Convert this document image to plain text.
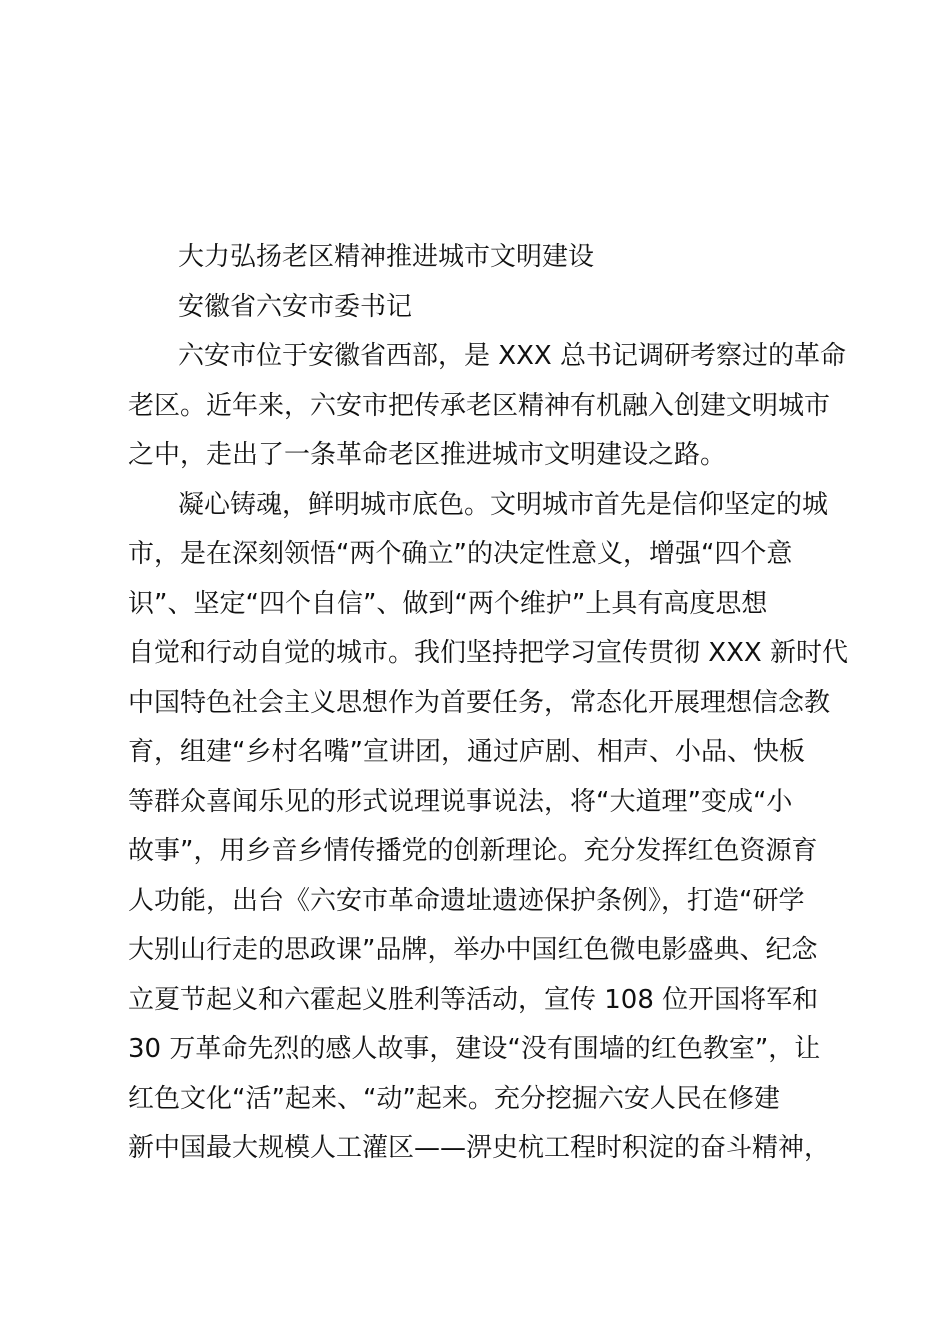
大力弘扬老区精神推进城市文明建设
安徽省六安市委书记
六安市位于安徽省西部，是 XXX 总书记调研考察过的革命
老区。近年来，六安市把传承老区精神有机融入创建文明城市
之中，走出了一条革命老区推进城市文明建设之路。
凝心铸魂，鲜明城市底色。文明城市首先是信仰坚定的城
市，是在深刻领悟“两个确立”的决定性意义，增强“四个意
识”、坚定“四个自信”、做到“两个维护”上具有高度思想
自觉和行动自觉的城市。我们坚持把学习宣传贯彻 XXX 新时代
中国特色社会主义思想作为首要任务，常态化开展理想信念教
育，组建“乡村名嘴”宣讲团，通过庐剧、相声、小品、快板
等群众喜闻乐见的形式说理说事说法，将“大道理”变成“小
故事”，用乡音乡情传播党的创新理论。充分发挥红色资源育
人功能，出台《六安市革命遗址遗迹保护条例》，打造“研学
大别山行走的思政课”品牌，举办中国红色微电影盛典、纪念
立夏节起义和六霍起义胜利等活动，宣传 108 位开国将军和
30 万革命先烈的感人故事，建设“没有围墙的红色教室”，让
红色文化“活”起来、“动”起来。充分挖掘六安人民在修建
新中国最大规模人工灌区——淠史杭工程时积淀的奋斗精神，
